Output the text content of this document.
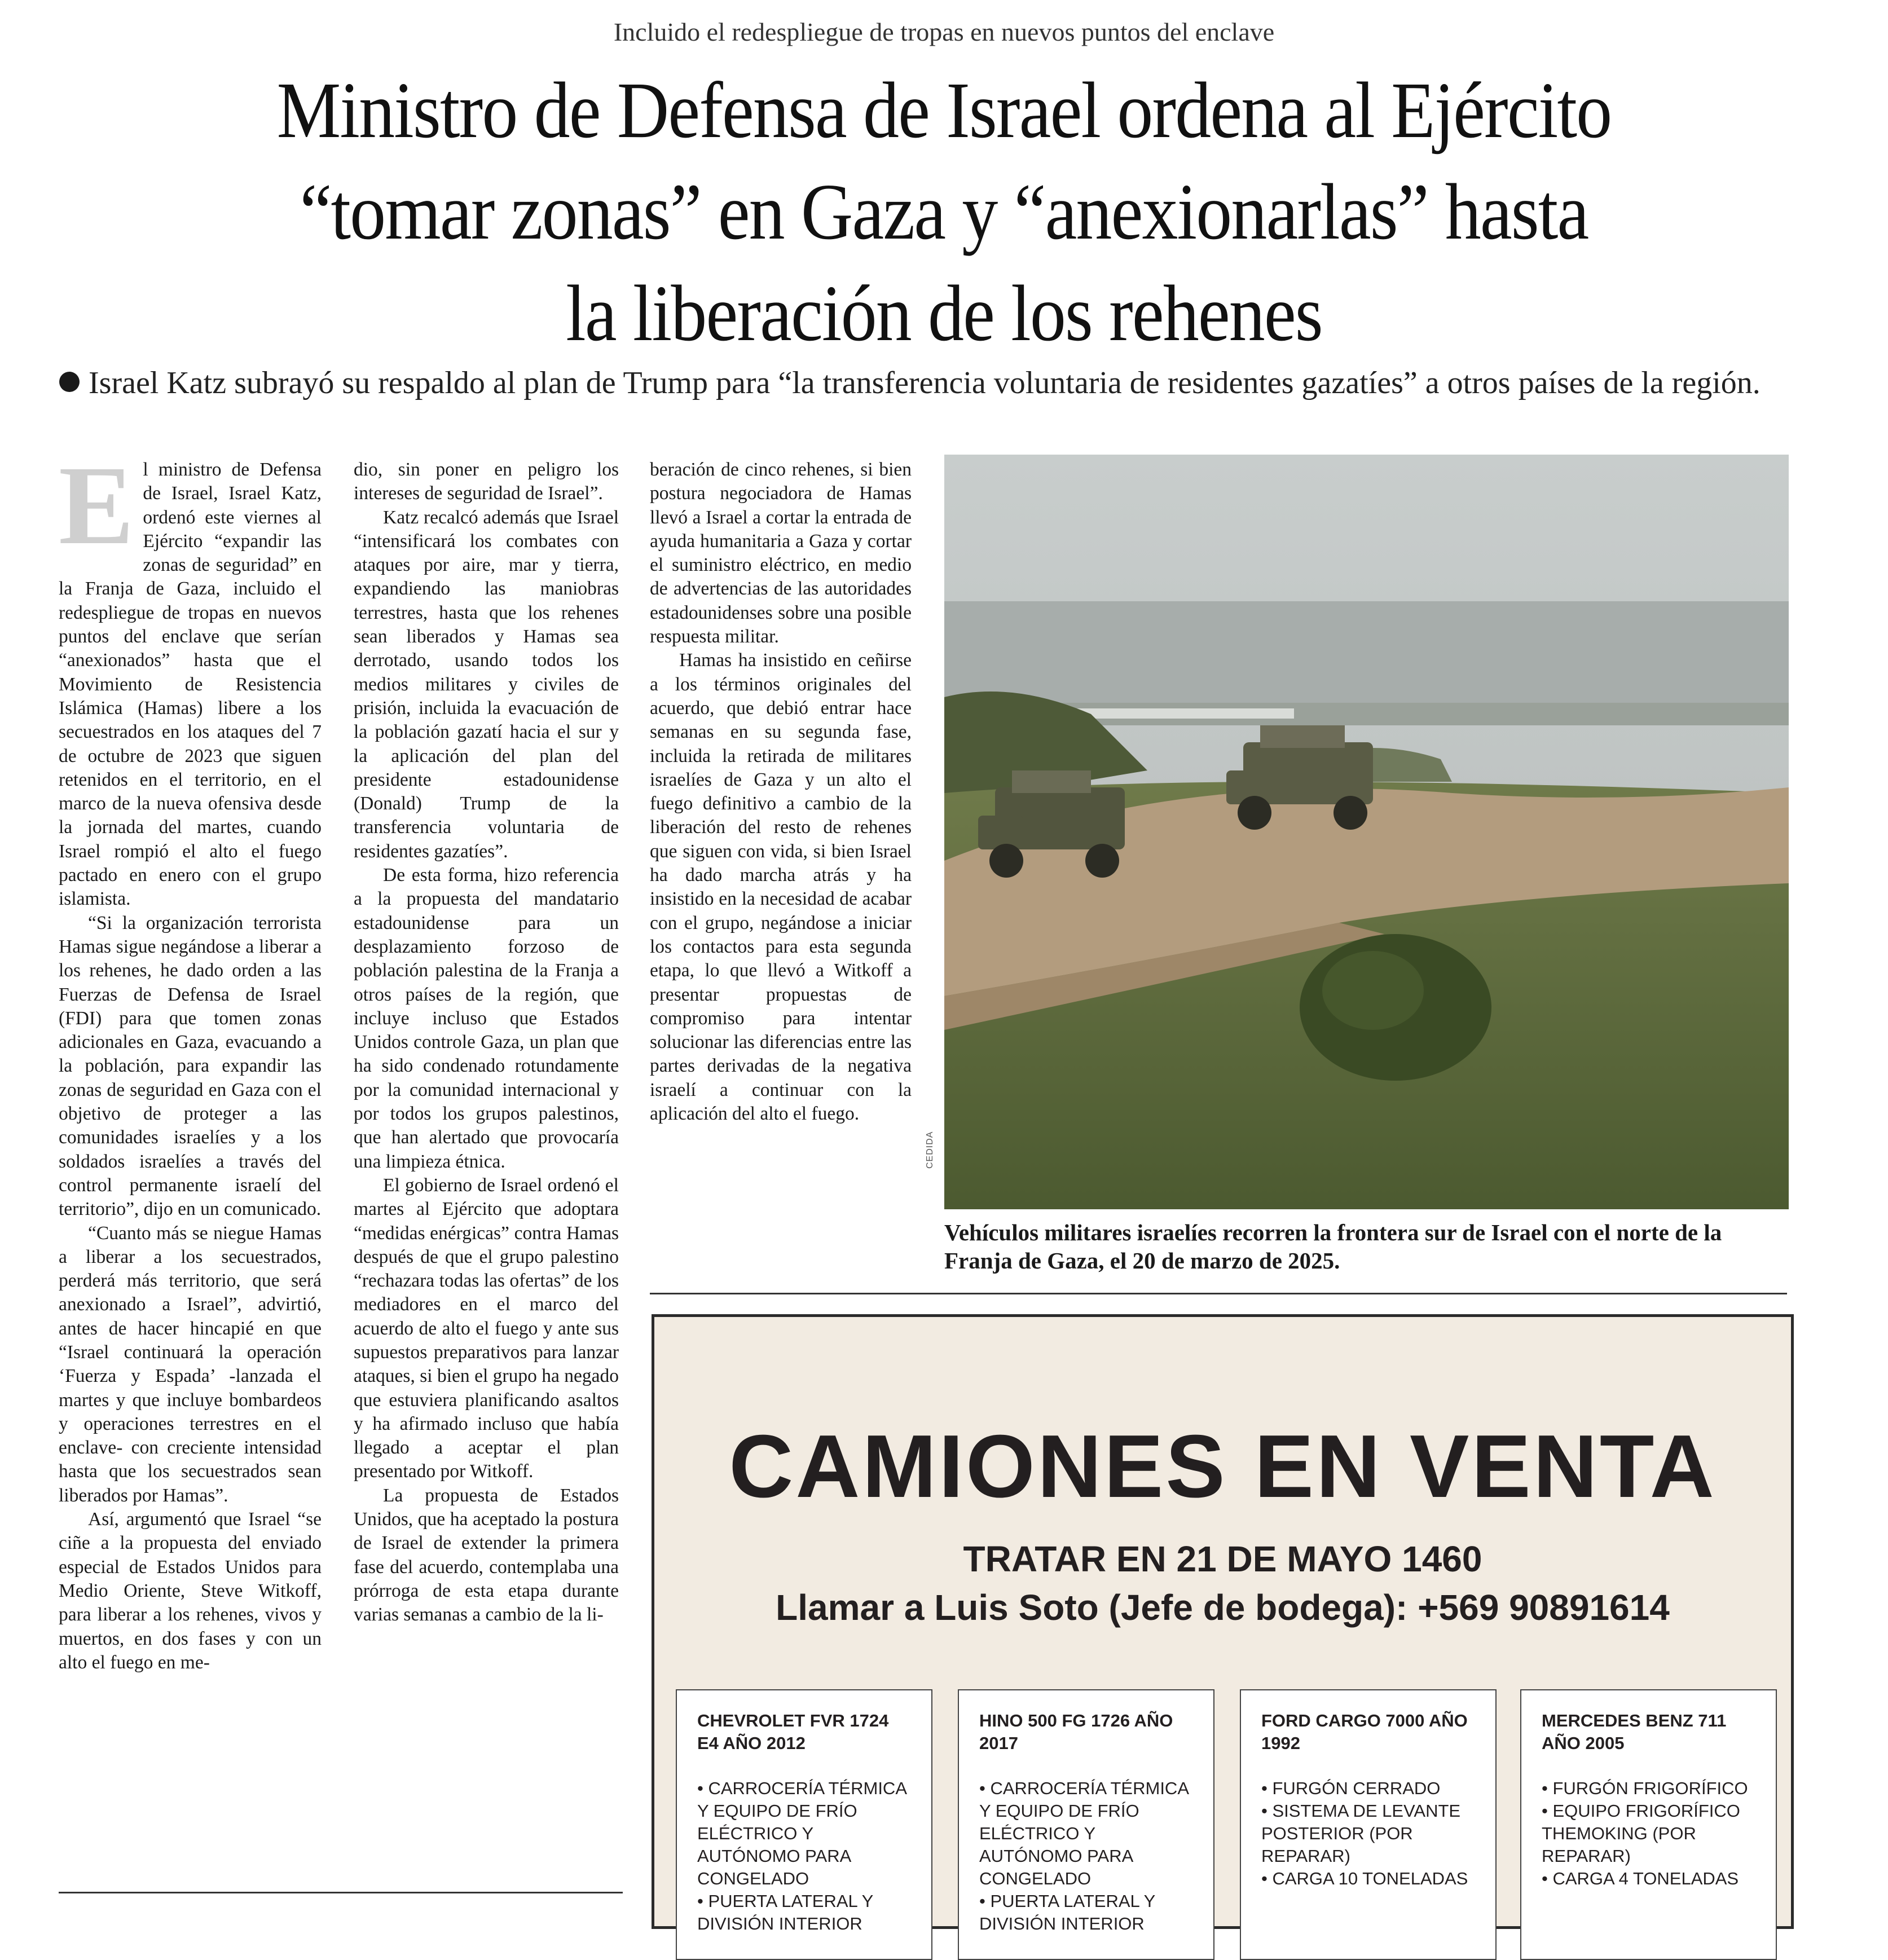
Incluido el redespliegue de tropas en nuevos puntos del enclave
Ministro de Defensa de Israel ordena al Ejército
“tomar zonas” en Gaza y “anexionarlas” hasta
la liberación de los rehenes
Israel Katz subrayó su respaldo al plan de Trump para “la transferencia voluntaria de residentes gazatíes” a otros países de la región.
E l ministro de Defensa de Israel, Israel Katz, ordenó este viernes al Ejército “expandir las zonas de seguridad” en la Franja de Gaza, incluido el redespliegue de tropas en nuevos puntos del enclave que serían “anexionados” hasta que el Movimiento de Resistencia Islámica (Hamas) libere a los secuestrados en los ataques del 7 de octubre de 2023 que siguen retenidos en el territorio, en el marco de la nueva ofensiva desde la jornada del martes, cuando Israel rompió el alto el fuego pactado en enero con el grupo islamista.

“Si la organización terrorista Hamas sigue negándose a liberar a los rehenes, he dado orden a las Fuerzas de Defensa de Israel (FDI) para que tomen zonas adicionales en Gaza, evacuando a la población, para expandir las zonas de seguridad en Gaza con el objetivo de proteger a las comunidades israelíes y a los soldados israelíes a través del control permanente israelí del territorio”, dijo en un comunicado.

“Cuanto más se niegue Hamas a liberar a los secuestrados, perderá más territorio, que será anexionado a Israel”, advirtió, antes de hacer hincapié en que “Israel continuará la operación ‘Fuerza y Espada’ -lanzada el martes y que incluye bombardeos y operaciones terrestres en el enclave- con creciente intensidad hasta que los secuestrados sean liberados por Hamas”.

Así, argumentó que Israel “se ciñe a la propuesta del enviado especial de Estados Unidos para Medio Oriente, Steve Witkoff, para liberar a los rehenes, vivos y muertos, en dos fases y con un alto el fuego en me-

dio, sin poner en peligro los intereses de seguridad de Israel”.

Katz recalcó además que Israel “intensificará los combates con ataques por aire, mar y tierra, expandiendo las maniobras terrestres, hasta que los rehenes sean liberados y Hamas sea derrotado, usando todos los medios militares y civiles de prisión, incluida la evacuación de la población gazatí hacia el sur y la aplicación del plan del presidente estadounidense (Donald) Trump de la transferencia voluntaria de residentes gazatíes”.

De esta forma, hizo referencia a la propuesta del mandatario estadounidense para un desplazamiento forzoso de población palestina de la Franja a otros países de la región, que incluye incluso que Estados Unidos controle Gaza, un plan que ha sido condenado rotundamente por la comunidad internacional y por todos los grupos palestinos, que han alertado que provocaría una limpieza étnica.

El gobierno de Israel ordenó el martes al Ejército que adoptara “medidas enérgicas” contra Hamas después de que el grupo palestino “rechazara todas las ofertas” de los mediadores en el marco del acuerdo de alto el fuego y ante sus supuestos preparativos para lanzar ataques, si bien el grupo ha negado que estuviera planificando asaltos y ha afirmado incluso que había llegado a aceptar el plan presentado por Witkoff.

La propuesta de Estados Unidos, que ha aceptado la postura de Israel de extender la primera fase del acuerdo, contemplaba una prórroga de esta etapa durante varias semanas a cambio de la li-

beración de cinco rehenes, si bien postura negociadora de Hamas llevó a Israel a cortar la entrada de ayuda humanitaria a Gaza y cortar el suministro eléctrico, en medio de advertencias de las autoridades estadounidenses sobre una posible respuesta militar.

Hamas ha insistido en ceñirse a los términos originales del acuerdo, que debió entrar hace semanas en su segunda fase, incluida la retirada de militares israelíes de Gaza y un alto el fuego definitivo a cambio de la liberación del resto de rehenes que siguen con vida, si bien Israel ha dado marcha atrás y ha insistido en la necesidad de acabar con el grupo, negándose a iniciar los contactos para esta segunda etapa, lo que llevó a Witkoff a presentar propuestas de compromiso para intentar solucionar las diferencias entre las partes derivadas de la negativa israelí a continuar con la aplicación del alto el fuego.

CEDIDA
Vehículos militares israelíes recorren la frontera sur de Israel con el norte de la Franja de Gaza, el 20 de marzo de 2025.
CAMIONES EN VENTA
TRATAR EN 21 DE MAYO 1460
Llamar a Luis Soto (Jefe de bodega): +569 90891614
CHEVROLET FVR 1724 E4 AÑO 2012

• CARROCERÍA TÉRMICA Y EQUIPO DE FRÍO ELÉCTRICO Y AUTÓNOMO PARA CONGELADO

• PUERTA LATERAL Y DIVISIÓN INTERIOR

HINO 500 FG 1726 AÑO 2017

• CARROCERÍA TÉRMICA Y EQUIPO DE FRÍO ELÉCTRICO Y AUTÓNOMO PARA CONGELADO

• PUERTA LATERAL Y DIVISIÓN INTERIOR

FORD CARGO 7000 AÑO 1992

• FURGÓN CERRADO

• SISTEMA DE LEVANTE POSTERIOR (POR REPARAR)

• CARGA 10 TONELADAS

MERCEDES BENZ 711 AÑO 2005

• FURGÓN FRIGORÍFICO

• EQUIPO FRIGORÍFICO THEMOKING (POR REPARAR)

• CARGA 4 TONELADAS
